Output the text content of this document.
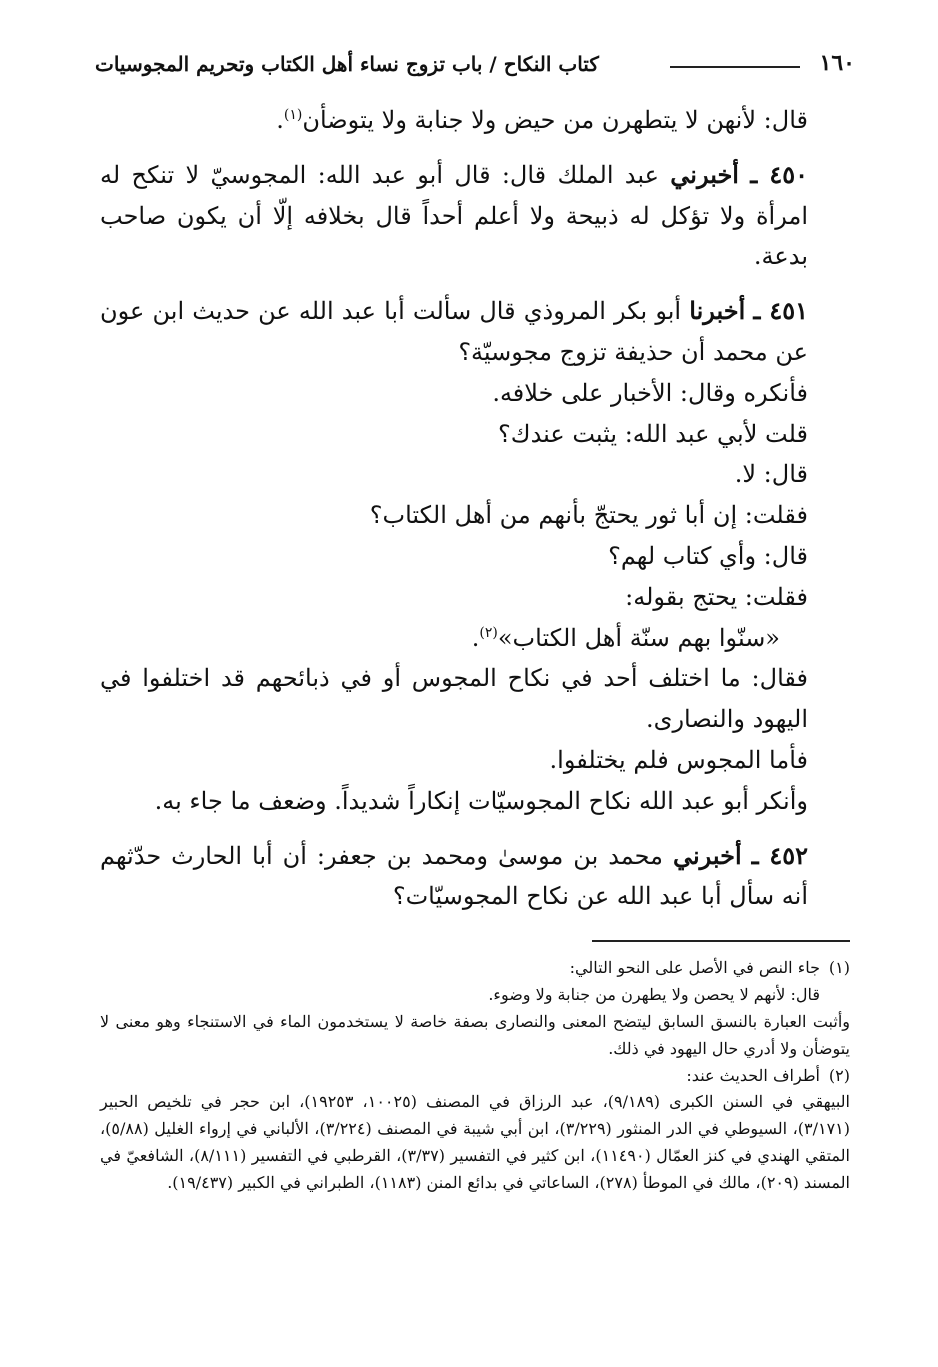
١٦٠
كتاب النكاح / باب تزوج نساء أهل الكتاب وتحريم المجوسيات

قال: لأنهن لا يتطهرن من حيض ولا جنابة ولا يتوضأن$^{(١)}$.

٤٥٠ ـ أخبرني عبد الملك قال: قال أبو عبد الله: المجوسيّ لا تنكح له امرأة ولا تؤكل له ذبيحة ولا أعلم أحداً قال بخلافه إلّا أن يكون صاحب بدعة.

٤٥١ ـ أخبرنا أبو بكر المروذي قال سألت أبا عبد الله عن حديث ابن عون عن محمد أن حذيفة تزوج مجوسيّة؟

فأنكره وقال: الأخبار على خلافه.

قلت لأبي عبد الله: يثبت عندك؟

قال: لا.

فقلت: إن أبا ثور يحتجّ بأنهم من أهل الكتاب؟

قال: وأي كتاب لهم؟

فقلت: يحتج بقوله:

«سنّوا بهم سنّة أهل الكتاب»$^{(٢)}$.

فقال: ما اختلف أحد في نكاح المجوس أو في ذبائحهم قد اختلفوا في اليهود والنصارى.

فأما المجوس فلم يختلفوا.

وأنكر أبو عبد الله نكاح المجوسيّات إنكاراً شديداً. وضعف ما جاء به.

٤٥٢ ـ أخبرني محمد بن موسىٰ ومحمد بن جعفر: أن أبا الحارث حدّثهم أنه سأل أبا عبد الله عن نكاح المجوسيّات؟

(١)جاء النص في الأصل على النحو التالي:

قال: لأنهم لا يحصن ولا يطهرن من جنابة ولا وضوء.

وأثبت العبارة بالنسق السابق ليتضح المعنى والنصارى بصفة خاصة لا يستخدمون الماء في الاستنجاء وهو معنى لا يتوضأن ولا أدري حال اليهود في ذلك.

(٢)أطراف الحديث عند:

البيهقي في السنن الكبرى (٩/١٨٩)، عبد الرزاق في المصنف (١٠٠٢٥، ١٩٢٥٣)، ابن حجر في تلخيص الحبير (٣/١٧١)، السيوطي في الدر المنثور (٣/٢٢٩)، ابن أبي شيبة في المصنف (٣/٢٢٤)، الألباني في إرواء الغليل (٥/٨٨)، المتقي الهندي في كنز العمّال (١١٤٩٠)، ابن كثير في التفسير (٣/٣٧)، القرطبي في التفسير (٨/١١١)، الشافعيّ في المسند (٢٠٩)، مالك في الموطأ (٢٧٨)، الساعاتي في بدائع المنن (١١٨٣)، الطبراني في الكبير (١٩/٤٣٧).
